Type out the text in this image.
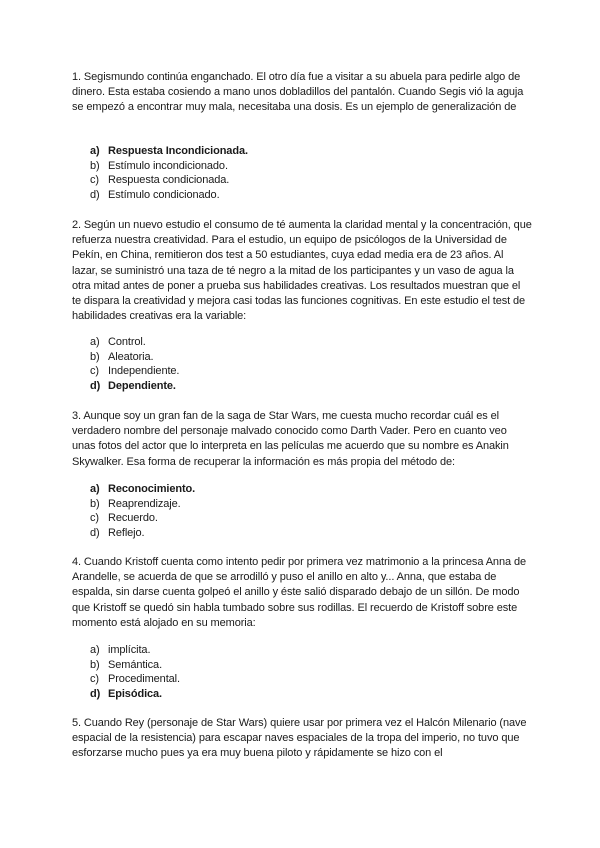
1. Segismundo continúa enganchado. El otro día fue a visitar a su abuela para pedirle algo de dinero. Esta estaba cosiendo a mano unos dobladillos del pantalón. Cuando Segis vió la aguja se empezó a encontrar muy mala, necesitaba una dosis. Es un ejemplo de generalización de

a) Respuesta Incondicionada.
b) Estímulo incondicionado.
c) Respuesta condicionada.
d) Estímulo condicionado.

2. Según un nuevo estudio el consumo de té aumenta la claridad mental y la concentración, que refuerza nuestra creatividad. Para el estudio, un equipo de psicólogos de la Universidad de Pekín, en China, remitieron dos test a 50 estudiantes, cuya edad media era de 23 años. Al lazar, se suministró una taza de té negro a la mitad de los participantes y un vaso de agua la otra mitad antes de poner a prueba sus habilidades creativas. Los resultados muestran que el te dispara la creatividad y mejora casi todas las funciones cognitivas. En este estudio el test de habilidades creativas era la variable:

a) Control.
b) Aleatoria.
c) Independiente.
d) Dependiente.

3. Aunque soy un gran fan de la saga de Star Wars, me cuesta mucho recordar cuál es el verdadero nombre del personaje malvado conocido como Darth Vader. Pero en cuanto veo unas fotos del actor que lo interpreta en las películas me acuerdo que su nombre es Anakin Skywalker. Esa forma de recuperar la información es más propia del método de:

a) Reconocimiento.
b) Reaprendizaje.
c) Recuerdo.
d) Reflejo.

4. Cuando Kristoff cuenta como intento pedir por primera vez matrimonio a la princesa Anna de Arandelle, se acuerda de que se arrodilló y puso el anillo en alto y... Anna, que estaba de espalda, sin darse cuenta golpeó el anillo y éste salió disparado debajo de un sillón. De modo que Kristoff se quedó sin habla tumbado sobre sus rodillas. El recuerdo de Kristoff sobre este momento está alojado en su memoria:

a) implícita.
b) Semántica.
c) Procedimental.
d) Episódica.

5. Cuando Rey (personaje de Star Wars) quiere usar por primera vez el Halcón Milenario (nave espacial de la resistencia) para escapar naves espaciales de la tropa del imperio, no tuvo que esforzarse mucho pues ya era muy buena piloto y rápidamente se hizo con el
